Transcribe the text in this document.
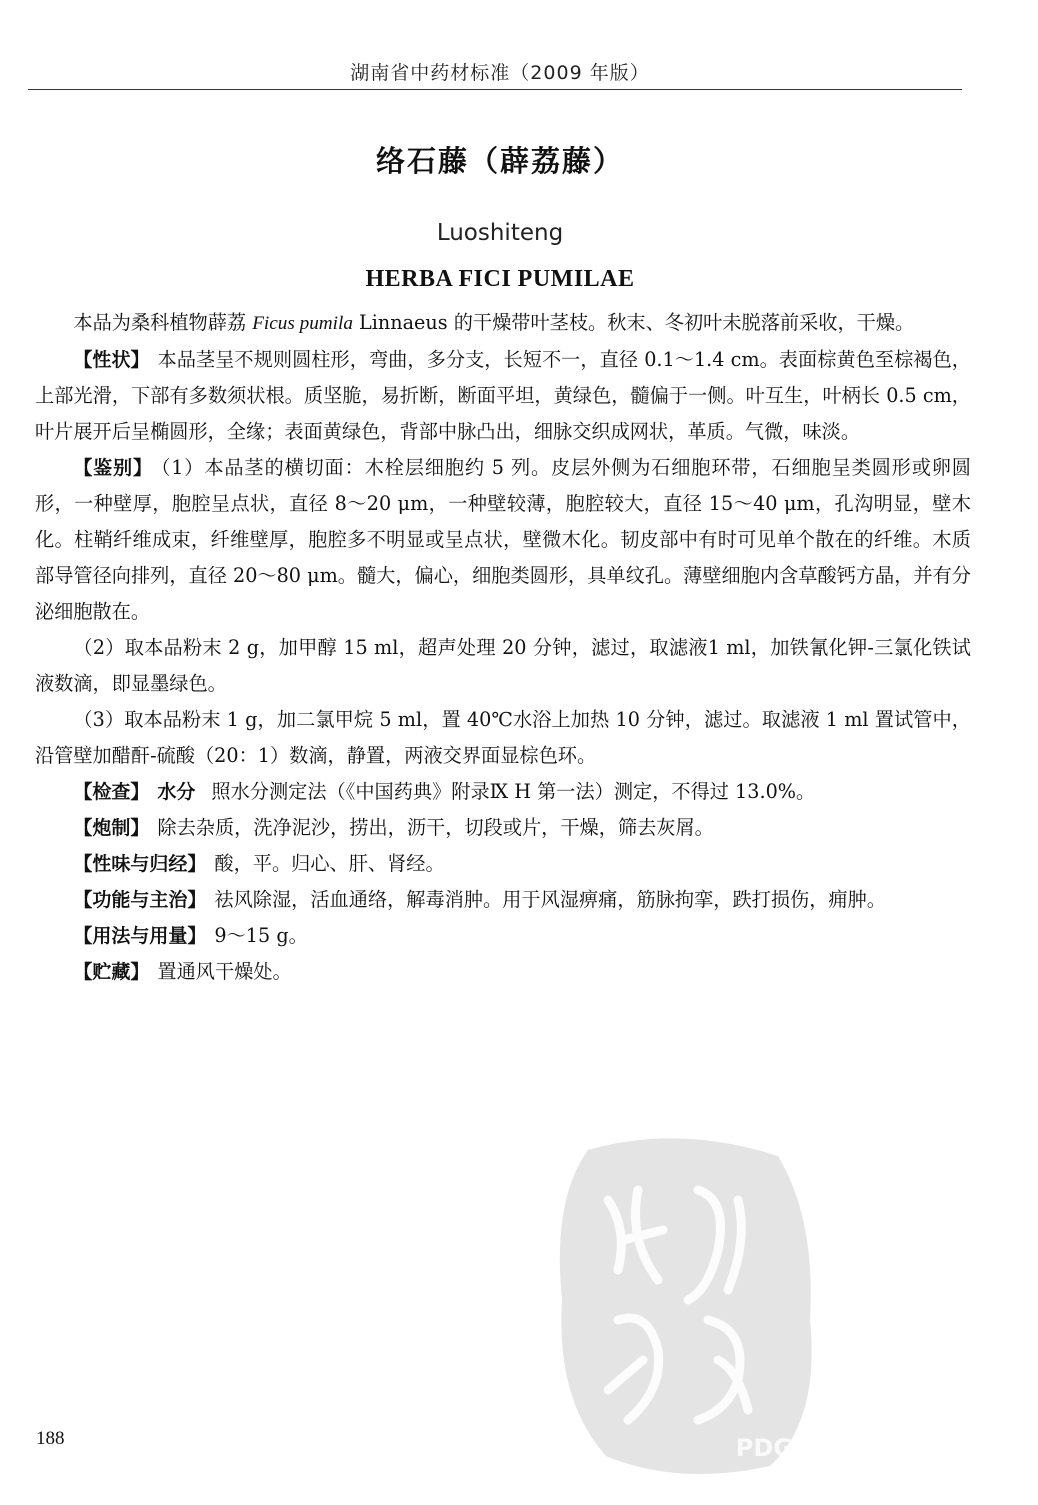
湖南省中药材标准（2009 年版）
络石藤（薜荔藤）
Luoshiteng
HERBA FICI PUMILAE

本品为桑科植物薜荔 Ficus pumila Linnaeus 的干燥带叶茎枝。秋末、冬初叶未脱落前采收，干燥。

【性状】 本品茎呈不规则圆柱形，弯曲，多分支，长短不一，直径 0.1～1.4 cm。表面棕黄色至棕褐色，上部光滑，下部有多数须状根。质坚脆，易折断，断面平坦，黄绿色，髓偏于一侧。叶互生，叶柄长 0.5 cm，叶片展开后呈椭圆形，全缘；表面黄绿色，背部中脉凸出，细脉交织成网状，革质。气微，味淡。

【鉴别】 （1）本品茎的横切面：木栓层细胞约 5 列。皮层外侧为石细胞环带，石细胞呈类圆形或卵圆形，一种壁厚，胞腔呈点状，直径 8～20 μm，一种壁较薄，胞腔较大，直径 15～40 μm，孔沟明显，壁木化。柱鞘纤维成束，纤维壁厚，胞腔多不明显或呈点状，壁微木化。韧皮部中有时可见单个散在的纤维。木质部导管径向排列，直径 20～80 μm。髓大，偏心，细胞类圆形，具单纹孔。薄壁细胞内含草酸钙方晶，并有分泌细胞散在。

（2）取本品粉末 2 g，加甲醇 15 ml，超声处理 20 分钟，滤过，取滤液1 ml，加铁氰化钾-三氯化铁试液数滴，即显墨绿色。

（3）取本品粉末 1 g，加二氯甲烷 5 ml，置 40℃水浴上加热 10 分钟，滤过。取滤液 1 ml 置试管中，沿管壁加醋酐-硫酸（20：1）数滴，静置，两液交界面显棕色环。

【检查】 水分 照水分测定法（《中国药典》附录Ⅸ H 第一法）测定，不得过 13.0%。

【炮制】 除去杂质，洗净泥沙，捞出，沥干，切段或片，干燥，筛去灰屑。

【性味与归经】 酸，平。归心、肝、肾经。

【功能与主治】 祛风除湿，活血通络，解毒消肿。用于风湿痹痛，筋脉拘挛，跌打损伤，痈肿。

【用法与用量】 9～15 g。

【贮藏】 置通风干燥处。

PDG
188
